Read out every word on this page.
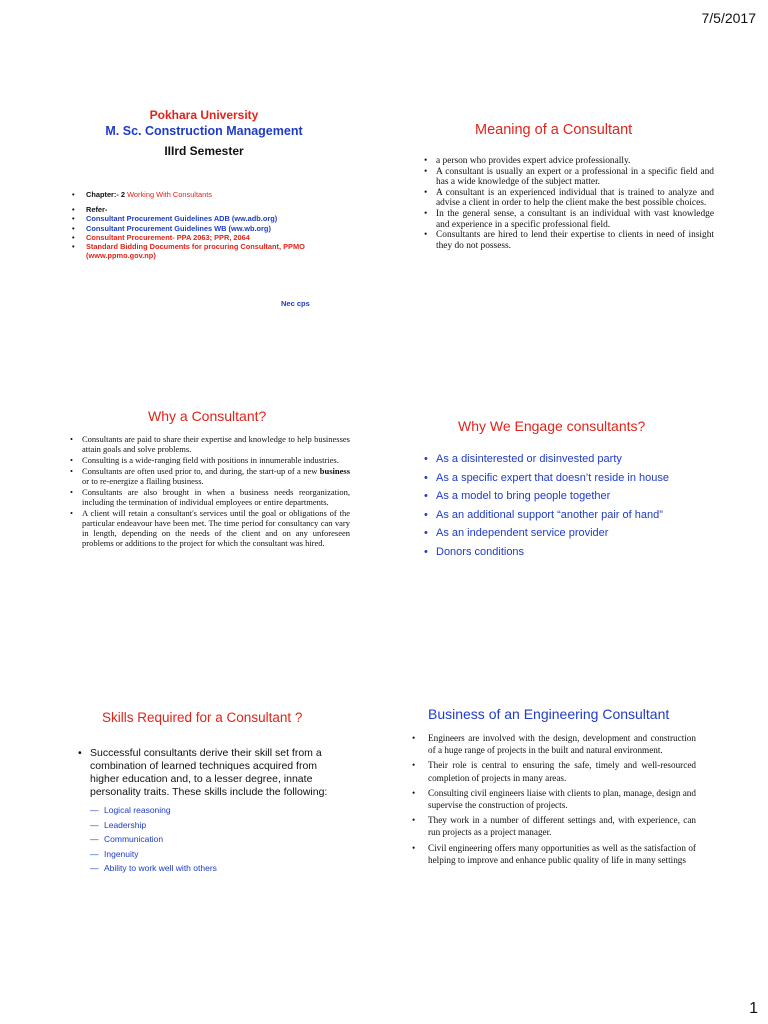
7/5/2017

Pokhara University

M. Sc. Construction Management

IIIrd Semester

• Chapter:- 2 Working With Consultants
• Refer-
• Consultant Procurement Guidelines ADB (ww.adb.org)
• Consultant Procurement Guidelines WB (ww.wb.org)
• Consultant Procurement- PPA 2063; PPR, 2064
• Standard Bidding Documents for procuring Consultant, PPMO (www.ppmo.gov.np)
Nec cps

Meaning of a Consultant

• a person who provides expert advice professionally.
• A consultant is usually an expert or a professional in a specific field and has a wide knowledge of the subject matter.
• A consultant is an experienced individual that is trained to analyze and advise a client in order to help the client make the best possible choices.
• In the general sense, a consultant is an individual with vast knowledge and experience in a specific professional field.
• Consultants are hired to lend their expertise to clients in need of insight they do not possess.

Why a Consultant?

• Consultants are paid to share their expertise and knowledge to help businesses attain goals and solve problems.
• Consulting is a wide-ranging field with positions in innumerable industries.
• Consultants are often used prior to, and during, the start-up of a new business or to re-energize a flailing business.
• Consultants are also brought in when a business needs reorganization, including the termination of individual employees or entire departments.
• A client will retain a consultant's services until the goal or obligations of the particular endeavour have been met. The time period for consultancy can vary in length, depending on the needs of the client and on any unforeseen problems or additions to the project for which the consultant was hired.

Why We Engage consultants?

• As a disinterested or disinvested party
• As a specific expert that doesn’t reside in house
• As a model to bring people together
• As an additional support “another pair of hand”
• As an independent service provider
• Donors conditions

Skills Required for a Consultant ?

• Successful consultants derive their skill set from a combination of learned techniques acquired from higher education and, to a lesser degree, innate personality traits. These skills include the following:
— Logical reasoning
— Leadership
— Communication
— Ingenuity
— Ability to work well with others

Business of an Engineering Consultant

• Engineers are involved with the design, development and construction of a huge range of projects in the built and natural environment.
• Their role is central to ensuring the safe, timely and well-resourced completion of projects in many areas.
• Consulting civil engineers liaise with clients to plan, manage, design and supervise the construction of projects.
• They work in a number of different settings and, with experience, can run projects as a project manager.
• Civil engineering offers many opportunities as well as the satisfaction of helping to improve and enhance public quality of life in many settings
1
